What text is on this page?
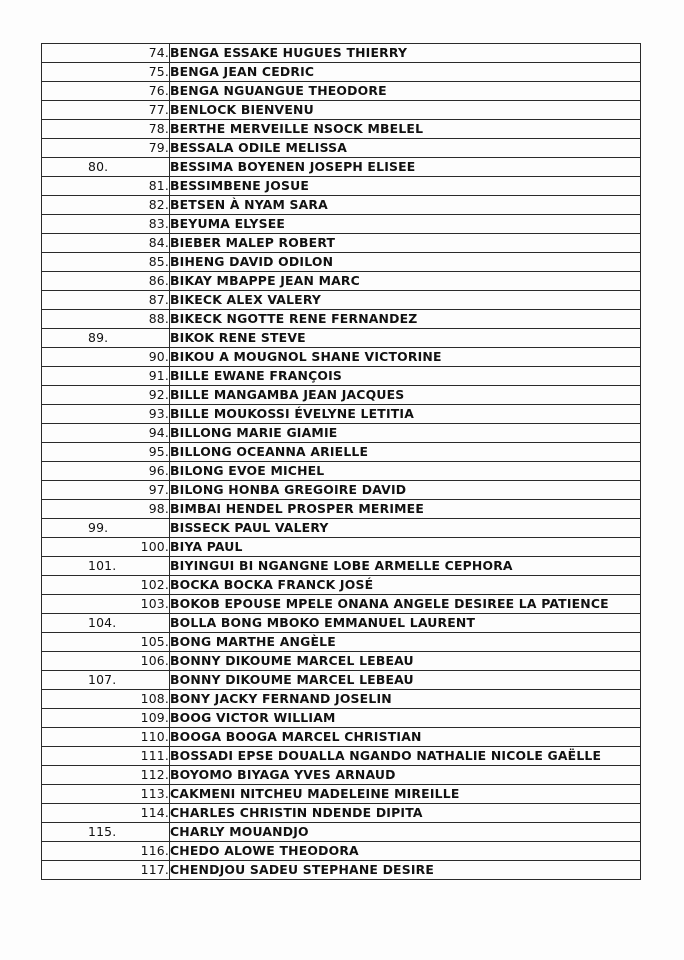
74.	BENGA ESSAKE HUGUES THIERRY
75.	BENGA JEAN CEDRIC
76.	BENGA NGUANGUE THEODORE
77.	BENLOCK BIENVENU
78.	BERTHE MERVEILLE NSOCK MBELEL
79.	BESSALA ODILE MELISSA
80.	BESSIMA BOYENEN JOSEPH ELISEE
81.	BESSIMBENE JOSUE
82.	BETSEN À NYAM SARA
83.	BEYUMA ELYSEE
84.	BIEBER MALEP ROBERT
85.	BIHENG DAVID ODILON
86.	BIKAY MBAPPE JEAN MARC
87.	BIKECK ALEX VALERY
88.	BIKECK NGOTTE RENE FERNANDEZ
89.	BIKOK RENE STEVE
90.	BIKOU A MOUGNOL SHANE VICTORINE
91.	BILLE EWANE FRANÇOIS
92.	BILLE MANGAMBA JEAN JACQUES
93.	BILLE MOUKOSSI ÉVELYNE LETITIA
94.	BILLONG MARIE GIAMIE
95.	BILLONG OCEANNA ARIELLE
96.	BILONG EVOE MICHEL
97.	BILONG HONBA GREGOIRE DAVID
98.	BIMBAI HENDEL PROSPER MERIMEE
99.	BISSECK PAUL VALERY
100.	BIYA PAUL
101.	BIYINGUI BI NGANGNE LOBE ARMELLE CEPHORA
102.	BOCKA BOCKA FRANCK JOSÉ
103.	BOKOB EPOUSE MPELE ONANA ANGELE DESIREE LA PATIENCE
104.	BOLLA BONG MBOKO EMMANUEL LAURENT
105.	BONG MARTHE ANGÈLE
106.	BONNY DIKOUME MARCEL LEBEAU
107.	BONNY DIKOUME MARCEL LEBEAU
108.	BONY JACKY FERNAND JOSELIN
109.	BOOG VICTOR WILLIAM
110.	BOOGA BOOGA MARCEL CHRISTIAN
111.	BOSSADI EPSE DOUALLA NGANDO NATHALIE NICOLE GAËLLE
112.	BOYOMO BIYAGA YVES ARNAUD
113.	CAKMENI NITCHEU MADELEINE MIREILLE
114.	CHARLES CHRISTIN NDENDE DIPITA
115.	CHARLY MOUANDJO
116.	CHEDO ALOWE THEODORA
117.	CHENDJOU SADEU STEPHANE DESIRE
